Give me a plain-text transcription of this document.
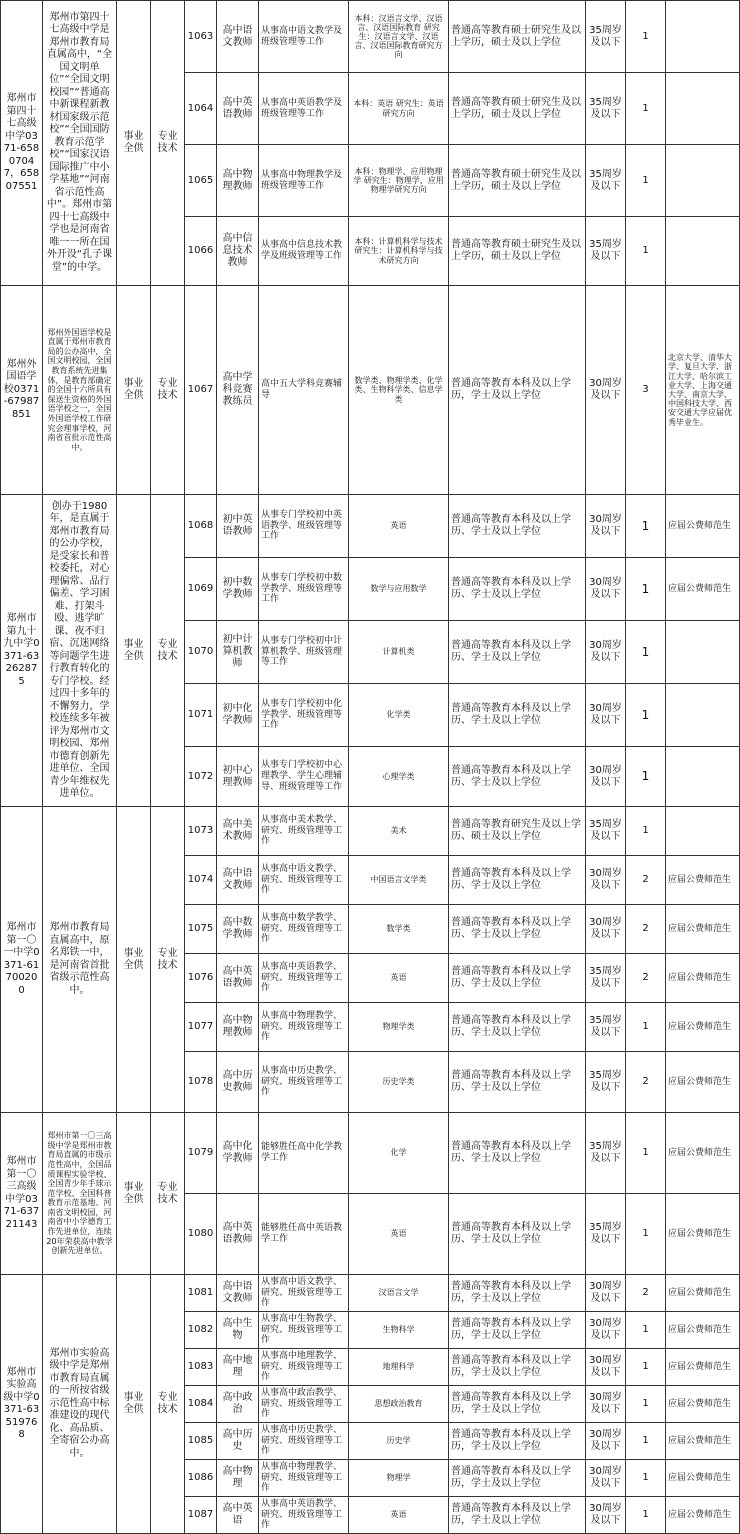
郑州市第四十七高级中学0371-65807047，65807551	郑州市第四十七高级中学是郑州市教育局直属高中，“全国文明单位”“全国文明校园”“普通高中新课程新教材国家级示范校”“全国国防教育示范学校”“国家汉语国际推广中小学基地”“河南省示范性高中”。郑州市第四十七高级中学也是河南省唯一一所在国外开设“孔子课堂”的中学。	事业全供	专业技术	1063	高中语文教师	从事高中语文教学及班级管理等工作	本科：汉语言文学、汉语言、汉语国际教育 研究生：汉语言文学、汉语言、汉语国际教育研究方向	普通高等教育硕士研究生及以上学历，硕士及以上学位	35周岁及以下	1	
				1064	高中英语教师	从事高中英语教学及班级管理等工作	本科：英语 研究生：英语研究方向	普通高等教育硕士研究生及以上学历，硕士及以上学位	35周岁及以下	1	
				1065	高中物理教师	从事高中物理教学及班级管理等工作	本科：物理学、应用物理学 研究生：物理学、应用物理学研究方向	普通高等教育硕士研究生及以上学历，硕士及以上学位	35周岁及以下	1	
				1066	高中信息技术教师	从事高中信息技术教学及班级管理等工作	本科：计算机科学与技术 研究生：计算机科学与技术研究方向	普通高等教育硕士研究生及以上学历，硕士及以上学位	35周岁及以下	1	
郑州外国语学校0371-67987851	郑州外国语学校是直属于郑州市教育局的公办高中，全国文明校园，全国教育系统先进集体，是教育部确定的全国十六所具有保送生资格的外国语学校之一，全国外国语学校工作研究会理事学校，河南省首批示范性高中。	事业全供	专业技术	1067	高中学科竞赛教练员	高中五大学科竞赛辅导	数学类、物理学类、化学类、生物科学类、信息学类	普通高等教育本科及以上学历，学士及以上学位	30周岁及以下	3	北京大学、清华大学、复旦大学、浙江大学、哈尔滨工业大学、上海交通大学、南京大学、中国科技大学、西安交通大学应届优秀毕业生。
郑州市第九十九中学0371-63262875	创办于1980年，是直属于郑州市教育局的公办学校，是受家长和普校委托，对心理偏常、品行偏差、学习困难、打架斗殴、逃学旷课、夜不归宿、沉迷网络等问题学生进行教育转化的专门学校。经过四十多年的不懈努力，学校连续多年被评为郑州市文明校园、郑州市德育创新先进单位、全国青少年维权先进单位。	事业全供	专业技术	1068	初中英语教师	从事专门学校初中英语教学、班级管理等工作	英语	普通高等教育本科及以上学历、学士及以上学位	30周岁及以下	1	应届公费师范生
				1069	初中数学教师	从事专门学校初中数学教学、班级管理等工作	数学与应用数学	普通高等教育本科及以上学历、学士及以上学位	30周岁及以下	1	应届公费师范生
				1070	初中计算机教师	从事专门学校初中计算机教学、班级管理等工作	计算机类	普通高等教育本科及以上学历、学士及以上学位	30周岁及以下	1	
				1071	初中化学教师	从事专门学校初中化学教学、班级管理等工作	化学类	普通高等教育本科及以上学历、学士及以上学位	30周岁及以下	1	
				1072	初中心理教师	从事专门学校初中心理教学、学生心理辅导、班级管理等工作	心理学类	普通高等教育本科及以上学历、学士及以上学位	30周岁及以下	1	
郑州市第一〇一中学0371-61700200	郑州市教育局直属高中，原名郑铁一中，是河南省首批省级示范性高中。	事业全供	专业技术	1073	高中美术教师	从事高中美术教学、研究、班级管理等工作	美术	普通高等教育研究生及以上学历、硕士及以上学位	35周岁及以下	1	
				1074	高中语文教师	从事高中语文教学、研究、班级管理等工作	中国语言文学类	普通高等教育本科及以上学历、学士及以上学位	30周岁及以下	2	应届公费师范生
				1075	高中数学教师	从事高中数学教学、研究、班级管理等工作	数学类	普通高等教育本科及以上学历、学士及以上学位	30周岁及以下	2	应届公费师范生
				1076	高中英语教师	从事高中英语教学、研究、班级管理等工作	英语	普通高等教育本科及以上学历、学士及以上学位	35周岁及以下	2	应届公费师范生
				1077	高中物理教师	从事高中物理教学、研究、班级管理等工作	物理学类	普通高等教育本科及以上学历、学士及以上学位	35周岁及以下	1	应届公费师范生
				1078	高中历史教师	从事高中历史教学、研究、班级管理等工作	历史学类	普通高等教育本科及以上学历、学士及以上学位	35周岁及以下	2	应届公费师范生
郑州市第一〇三高级中学0371-63721143	郑州市第一〇三高级中学是郑州市教育局直属的市级示范性高中，全国品质课程实验学校、全国青少年手球示范学校、全国科普教育示范基地、河南省文明校园，河南省中小学德育工作先进单位，连续20年荣获高中教学创新先进单位。	事业全供	专业技术	1079	高中化学教师	能够胜任高中化学教学工作	化学	普通高等教育本科及以上学历、学士及以上学位	35周岁及以下	1	应届公费师范生
				1080	高中英语教师	能够胜任高中英语教学工作	英语	普通高等教育本科及以上学历、学士及以上学位	35周岁及以下	1	应届公费师范生
郑州市实验高级中学0371-63519768	郑州市实验高级中学是郑州市教育局直属的一所按省级示范性高中标准建设的现代化、高品质、全寄宿公办高中。	事业全供	专业技术	1081	高中语文教师	从事高中语文教学、研究、班级管理等工作	汉语言文学	普通高等教育本科及以上学历，学士及以上学位	30周岁及以下	2	应届公费师范生
				1082	高中生物	从事高中生物教学、研究、班级管理等工作	生物科学	普通高等教育本科及以上学历，学士及以上学位	30周岁及以下	1	应届公费师范生
				1083	高中地理	从事高中地理教学、研究、班级管理等工作	地理科学	普通高等教育本科及以上学历，学士及以上学位	30周岁及以下	1	应届公费师范生
				1084	高中政治	从事高中政治教学、研究、班级管理等工作	思想政治教育	普通高等教育本科及以上学历，学士及以上学位	30周岁及以下	1	应届公费师范生
				1085	高中历史	从事高中历史教学、研究、班级管理等工作	历史学	普通高等教育本科及以上学历，学士及以上学位	30周岁及以下	1	应届公费师范生
				1086	高中物理	从事高中物理教学、研究、班级管理等工作	物理学	普通高等教育本科及以上学历，学士及以上学位	30周岁及以下	1	应届公费师范生
				1087	高中英语	从事高中英语教学、研究、班级管理等工作	英语	普通高等教育本科及以上学历，学士及以上学位	30周岁及以下	1	应届公费师范生
